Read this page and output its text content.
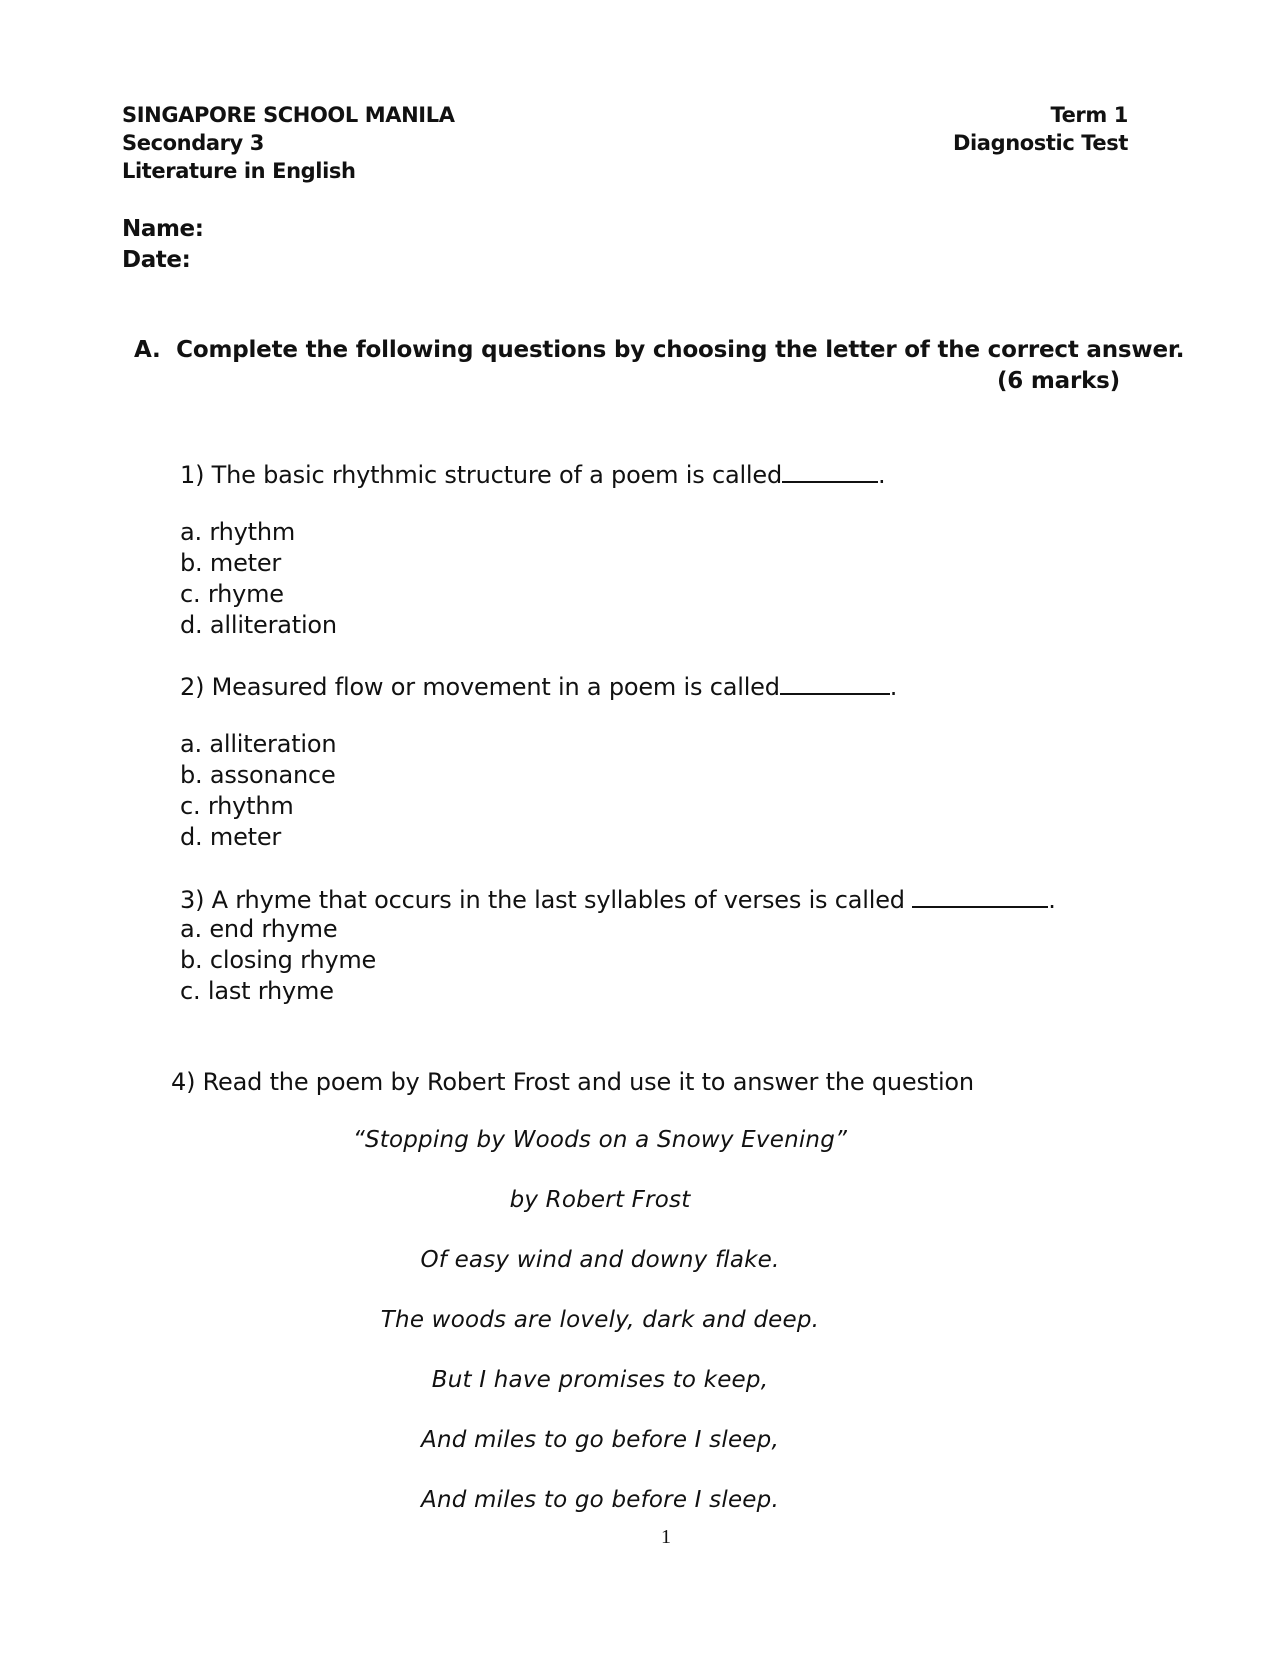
SINGAPORE SCHOOL MANILA
Secondary 3
Literature in English
Term 1
Diagnostic Test
Name:
Date:
A.  Complete the following questions by choosing the letter of the correct answer.
(6 marks)
1) The basic rhythmic structure of a poem is called	.
a. rhythm
b. meter
c. rhyme
d. alliteration
2) Measured flow or movement in a poem is called	.
a. alliteration
b. assonance
c. rhythm
d. meter
3) A rhyme that occurs in the last syllables of verses is called	.
a. end rhyme
b. closing rhyme
c. last rhyme
4) Read the poem by Robert Frost and use it to answer the question
“Stopping by Woods on a Snowy Evening”
by Robert Frost
Of easy wind and downy flake.
The woods are lovely, dark and deep.
But I have promises to keep,
And miles to go before I sleep,
And miles to go before I sleep.
1
